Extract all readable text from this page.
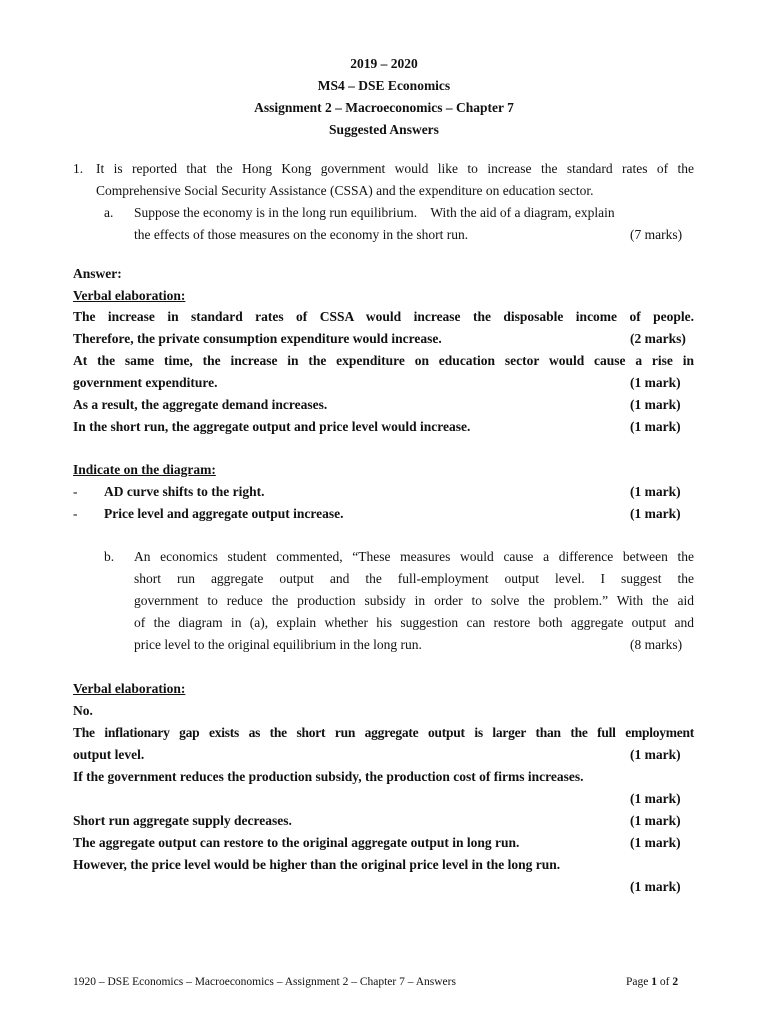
2019 – 2020
MS4 – DSE Economics
Assignment 2 – Macroeconomics – Chapter 7
Suggested Answers
1. It is reported that the Hong Kong government would like to increase the standard rates of the
Comprehensive Social Security Assistance (CSSA) and the expenditure on education sector.
a. Suppose the economy is in the long run equilibrium.    With the aid of a diagram, explain
the effects of those measures on the economy in the short run.	(7 marks)
Answer:
Verbal elaboration:
The increase in standard rates of CSSA would increase the disposable income of people.
Therefore, the private consumption expenditure would increase.	(2 marks)
At the same time, the increase in the expenditure on education sector would cause a rise in
government expenditure.	(1 mark)
As a result, the aggregate demand increases.	(1 mark)
In the short run, the aggregate output and price level would increase.	(1 mark)
Indicate on the diagram:
- AD curve shifts to the right.	(1 mark)
- Price level and aggregate output increase.	(1 mark)
b. An economics student commented, “These measures would cause a difference between the
short run aggregate output and the full-employment output level. I suggest the
government to reduce the production subsidy in order to solve the problem.” With the aid
of the diagram in (a), explain whether his suggestion can restore both aggregate output and
price level to the original equilibrium in the long run.	(8 marks)
Verbal elaboration:
No.
The inflationary gap exists as the short run aggregate output is larger than the full employment
output level.	(1 mark)
If the government reduces the production subsidy, the production cost of firms increases.
(1 mark)
Short run aggregate supply decreases.	(1 mark)
The aggregate output can restore to the original aggregate output in long run.	(1 mark)
However, the price level would be higher than the original price level in the long run.
(1 mark)
1920 – DSE Economics – Macroeconomics – Assignment 2 – Chapter 7 – Answers	Page 1 of 2
